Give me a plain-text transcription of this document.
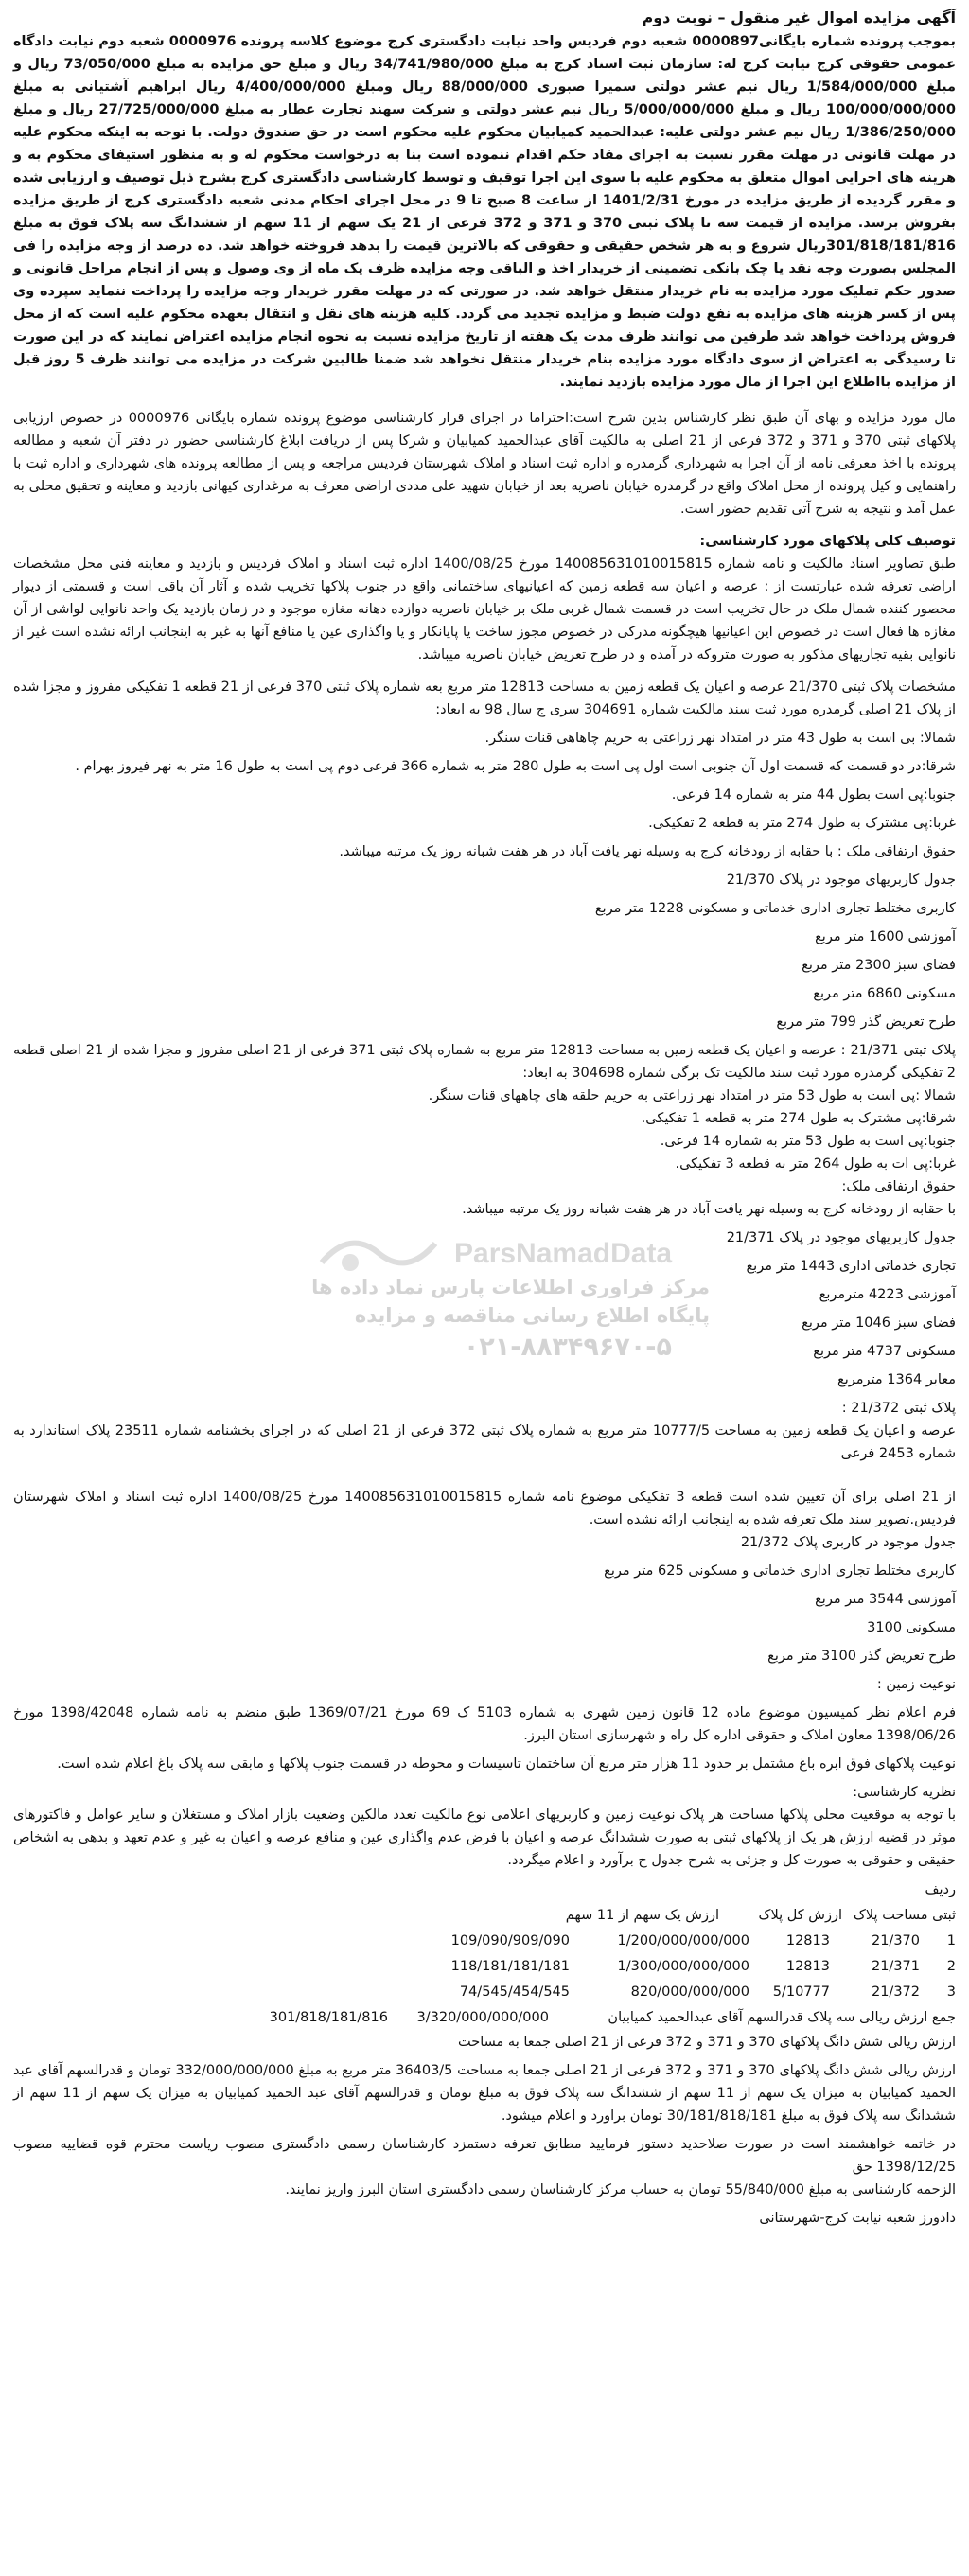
آگهی مزایده اموال غیر منقول – نوبت دوم

بموجب پرونده شماره بایگانی0000897 شعبه دوم فردیس واحد نیابت دادگستری کرج موضوع کلاسه پرونده 0000976 شعبه دوم نیابت دادگاه عمومی حقوقی کرج نیابت کرج له: سازمان ثبت اسناد کرج به مبلغ 34/741/980/000 ریال و مبلغ حق مزایده به مبلغ 73/050/000 ریال و مبلغ 1/584/000/000 ریال نیم عشر دولتی سمیرا صبوری 88/000/000 ریال ومبلغ 4/400/000/000 ریال ابراهیم آشتیانی به مبلغ 100/000/000/000 ریال و مبلغ 5/000/000/000 ریال نیم عشر دولتی و شرکت سهند تجارت عطار به مبلغ 27/725/000/000 ریال و مبلغ 1/386/250/000 ریال نیم عشر دولتی علیه: عبدالحمید کمیابیان محکوم علیه محکوم است در حق صندوق دولت. با توجه به اینکه محکوم علیه در مهلت قانونی در مهلت مقرر نسبت به اجرای مفاد حکم اقدام ننموده است بنا به درخواست محکوم له و به منظور استیفای محکوم به و هزینه های اجرایی اموال متعلق به محکوم علیه با سوی این اجرا توقیف و توسط کارشناسی دادگستری کرج بشرح ذیل توصیف و ارزیابی شده و مقرر گردیده از طریق مزایده در مورخ 1401/2/31 از ساعت 8 صبح تا 9 در محل اجرای احکام مدنی شعبه دادگستری کرج از طریق مزایده بفروش برسد. مزایده از قیمت سه تا پلاک ثبتی 370 و 371 و 372 فرعی از 21 یک سهم از 11 سهم از ششدانگ سه پلاک فوق به مبلغ 301/818/181/816ریال شروع و به هر شخص حقیقی و حقوقی که بالاترین قیمت را بدهد فروخته خواهد شد. ده درصد از وجه مزایده را فی المجلس بصورت وجه نقد یا چک بانکی تضمینی از خریدار اخذ و الباقی وجه مزایده ظرف یک ماه از وی وصول و پس از انجام مراحل قانونی و صدور حکم تملیک مورد مزایده به نام خریدار منتقل خواهد شد. در صورتی که در مهلت مقرر خریدار وجه مزایده را پرداخت ننماید سپرده وی پس از کسر هزینه های مزایده به نفع دولت ضبط و مزایده تجدید می گردد. کلیه هزینه های نقل و انتقال بعهده محکوم علیه است که از محل فروش پرداخت خواهد شد طرفین می توانند ظرف مدت یک هفته از تاریخ مزایده نسبت به نحوه انجام مزایده اعتراض نمایند که در این صورت تا رسیدگی به اعتراض از سوی دادگاه مورد مزایده بنام خریدار منتقل نخواهد شد ضمنا طالبین شرکت در مزایده می توانند ظرف 5 روز قبل از مزایده بااطلاع این اجرا از مال مورد مزایده بازدید نمایند.

مال مورد مزایده و بهای آن طبق نظر کارشناس بدین شرح است:احتراما در اجرای قرار کارشناسی موضوع پرونده شماره بایگانی 0000976 در خصوص ارزیابی پلاکهای ثبتی 370 و 371 و 372 فرعی از 21 اصلی به مالکیت آقای عبدالحمید کمیابیان و شرکا پس از دریافت ابلاغ کارشناسی حضور در دفتر آن شعبه و مطالعه پرونده با اخذ معرفی نامه از آن اجرا به شهرداری گرمدره و اداره ثبت اسناد و املاک شهرستان فردیس مراجعه و پس از مطالعه پرونده های شهرداری و اداره ثبت با راهنمایی و کیل پرونده از محل املاک واقع در گرمدره خیابان ناصریه بعد از خیابان شهید علی مددی اراضی معرف به مرغداری کیهانی بازدید و معاینه و تحقیق محلی به عمل آمد و نتیجه به شرح آتی تقدیم حضور است.

توصیف کلی پلاکهای مورد کارشناسی:

طبق تصاویر اسناد مالکیت و نامه شماره 140085631010015815 مورخ 1400/08/25 اداره ثبت اسناد و املاک فردیس و بازدید و معاینه فنی محل مشخصات اراضی تعرفه شده عبارتست از : عرصه و اعیان سه قطعه زمین که اعیانیهای ساختمانی واقع در جنوب پلاکها تخریب شده و آثار آن باقی است و قسمتی از دیوار محصور کننده شمال ملک در حال تخریب است در قسمت شمال غربی ملک بر خیابان ناصریه دوازده دهانه مغازه موجود و در زمان بازدید یک واحد نانوایی لواشی از آن مغازه ها فعال است در خصوص این اعیانیها هیچگونه مدرکی در خصوص مجوز ساخت یا پایانکار و یا واگذاری عین یا منافع آنها به غیر به اینجانب ارائه نشده است غیر از نانوایی بقیه تجاریهای مذکور به صورت متروکه در آمده و در طرح تعریض خیابان ناصریه میباشد.

مشخصات پلاک ثبتی 21/370 عرصه و اعیان یک قطعه زمین به مساحت 12813 متر مربع بعه شماره پلاک ثبتی 370 فرعی از 21 قطعه 1 تفکیکی مفروز و مجزا شده از پلاک 21 اصلی گرمدره مورد ثبت سند مالکیت شماره 304691 سری ج سال 98 به ابعاد:

شمالا: بی است به طول 43 متر در امتداد نهر زراعتی به حریم چاهاهی قنات سنگر.

شرقا:در دو قسمت که قسمت اول آن جنوبی است اول پی است به طول 280 متر به شماره 366 فرعی دوم پی است به طول 16 متر به نهر فیروز بهرام .

جنوبا:پی است بطول 44 متر به شماره 14 فرعی.

غربا:پی مشترک به طول 274 متر به قطعه 2 تفکیکی.

حقوق ارتفاقی ملک : با حقابه از رودخانه کرج به وسیله نهر یافت آباد در هر هفت شبانه روز یک مرتبه میباشد.

جدول کاربریهای موجود در پلاک 21/370

کاربری مختلط تجاری اداری خدماتی و مسکونی 1228 متر مربع

آموزشی 1600 متر مربع

فضای سبز 2300 متر مربع

مسکونی 6860 متر مربع

طرح تعریض گذر 799 متر مربع

پلاک ثبتی 21/371 : عرصه و اعیان یک قطعه زمین به مساحت 12813 متر مربع به شماره پلاک ثبتی 371 فرعی از 21 اصلی مفروز و مجزا شده از 21 اصلی قطعه 2 تفکیکی گرمدره مورد ثبت سند مالکیت تک برگی شماره 304698 به ابعاد:

شمالا :پی است به طول 53 متر در امتداد نهر زراعتی به حریم حلقه های چاههای قنات سنگر.

شرقا:پی مشترک به طول 274 متر به قطعه 1 تفکیکی.

جنوبا:پی است به طول 53 متر به شماره 14 فرعی.

غربا:پی ات به طول 264 متر به قطعه 3 تفکیکی.

حقوق ارتفاقی ملک:

با حقابه از رودخانه کرج به وسیله نهر یافت آباد در هر هفت شبانه روز یک مرتبه میباشد.

جدول کاربریهای موجود در پلاک 21/371

تجاری خدماتی اداری 1443 متر مربع

آموزشی 4223 مترمربع

فضای سبز 1046 متر مربع

مسکونی 4737 متر مربع

معابر 1364 مترمربع

پلاک ثبتی 21/372 :

عرصه و اعیان یک قطعه زمین به مساحت 10777/5 متر مربع به شماره پلاک ثبتی 372 فرعی از 21 اصلی که در اجرای بخشنامه شماره 23511 پلاک استاندارد به شماره 2453 فرعی

از 21 اصلی برای آن تعیین شده است قطعه 3 تفکیکی موضوع نامه شماره 140085631010015815 مورخ 1400/08/25 اداره ثبت اسناد و املاک شهرستان فردیس.تصویر سند ملک تعرفه شده به اینجانب ارائه نشده است.

جدول موجود در کاربری پلاک 21/372

کاربری مختلط تجاری اداری خدماتی و مسکونی 625 متر مربع

آموزشی 3544 متر مربع

مسکونی 3100

طرح تعریض گذر 3100 متر مربع

نوعیت زمین :

فرم اعلام نظر کمیسیون موضوع ماده 12 قانون زمین شهری به شماره 5103 ک 69 مورخ 1369/07/21 طبق منضم به نامه شماره 1398/42048 مورخ 1398/06/26 معاون املاک و حقوقی اداره کل راه و شهرسازی استان البرز.

نوعیت پلاکهای فوق ابره باغ مشتمل بر حدود 11 هزار متر مربع آن ساختمان تاسیسات و محوطه در قسمت جنوب پلاکها و مابقی سه پلاک باغ اعلام شده است.

نظریه کارشناسی:

با توجه به موقعیت محلی پلاکها مساحت هر پلاک نوعیت زمین و کاربریهای اعلامی نوع مالکیت تعدد مالکین وضعیت بازار املاک و مستغلان و سایر عوامل و فاکتورهای موثر در قضیه ارزش هر یک از پلاکهای ثبتی به صورت ششدانگ عرصه و اعیان با فرض عدم واگذاری عین و منافع عرصه و اعیان به غیر و عدم تعهد و بدهی به اشخاص حقیقی و حقوقی به صورت کل و جزئی به شرح جدول ح برآورد و اعلام میگردد.

ردیف
ثبتی مساحت پلاک
ارزش کل پلاک
ارزش یک سهم از 11 سهم
1
21/370
12813
1/200/000/000/000
109/090/909/090
2
21/371
12813
1/300/000/000/000
118/181/181/181
3
21/372
5/10777
820/000/000/000
74/545/454/545
جمع ارزش ریالی سه پلاک قدرالسهم آقای عبدالحمید کمیابیان
3/320/000/000/000
301/818/181/816

ارزش ریالی شش دانگ پلاکهای 370 و 371 و 372 فرعی از 21 اصلی جمعا به مساحت

ارزش ریالی شش دانگ پلاکهای 370 و 371 و 372 فرعی از 21 اصلی جمعا به مساحت 36403/5 متر مربع به مبلغ 332/000/000/000 تومان و قدرالسهم آقای عبد الحمید کمیابیان به میزان یک سهم از 11 سهم از ششدانگ سه پلاک فوق به مبلغ تومان و قدرالسهم آقای عبد الحمید کمیابیان به میزان یک سهم از 11 سهم از ششدانگ سه پلاک فوق به مبلغ 30/181/818/181 تومان براورد و اعلام میشود.

در خاتمه خواهشمند است در صورت صلاحدید دستور فرمایید مطابق تعرفه دستمزد کارشناسان رسمی دادگستری مصوب ریاست محترم قوه قضاییه مصوب 1398/12/25 حق

الزحمه کارشناسی به مبلغ 55/840/000 تومان به حساب مرکز کارشناسان رسمی دادگستری استان البرز واریز نمایند.

دادورز شعبه نیابت کرج-شهرستانی

ParsNamadData
مرکز فراوری اطلاعات پارس نماد داده ها
پایگاه اطلاع رسانی مناقصه و مزایده
۰۲۱-۸۸۳۴۹۶۷۰-۵
